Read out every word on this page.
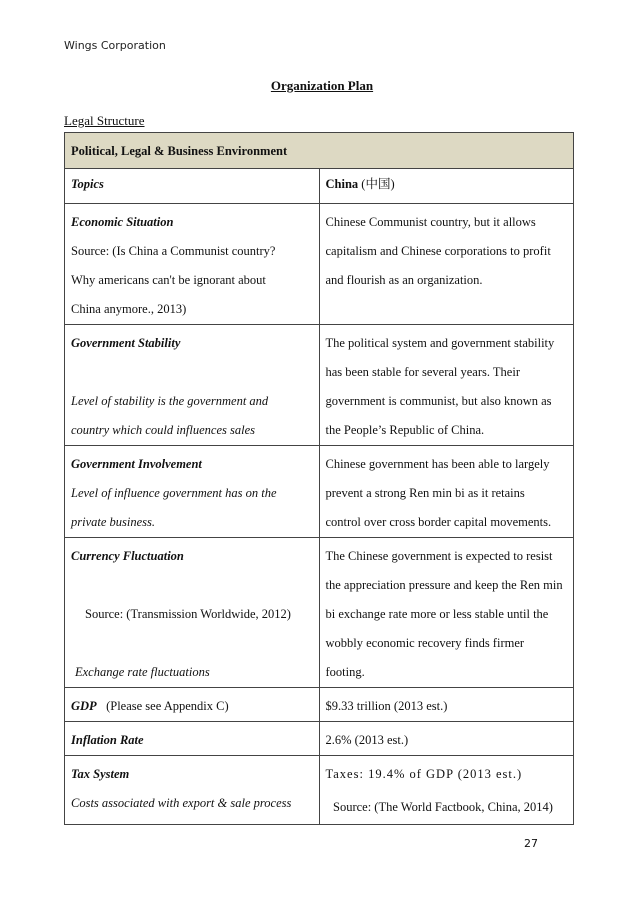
Wings Corporation
Organization Plan
Legal Structure
Political, Legal & Business Environment	
Topics	China (中国)

Economic Situation
Source: (Is China a Communist country?
Why americans can't be ignorant about
China anymore., 2013)	Chinese Communist country, but it allows
capitalism and Chinese corporations to profit
and flourish as an organization.

Government Stability
Level of stability is the government and
country which could influences sales	The political system and government stability
has been stable for several years. Their
government is communist, but also known as
the People’s Republic of China.

Government Involvement
Level of influence government has on the
private business.	Chinese government has been able to largely
prevent a strong Ren min bi as it retains
control over cross border capital movements.

Currency Fluctuation
Source: (Transmission Worldwide, 2012)
Exchange rate fluctuations	The Chinese government is expected to resist
the appreciation pressure and keep the Ren min
bi exchange rate more or less stable until the
wobbly economic recovery finds firmer
footing.

GDP (Please see Appendix C)	$9.33 trillion (2013 est.)

Inflation Rate	2.6% (2013 est.)

Tax System
Costs associated with export & sale process	Taxes: 19.4% of GDP (2013 est.)
Source: (The World Factbook, China, 2014)
27
